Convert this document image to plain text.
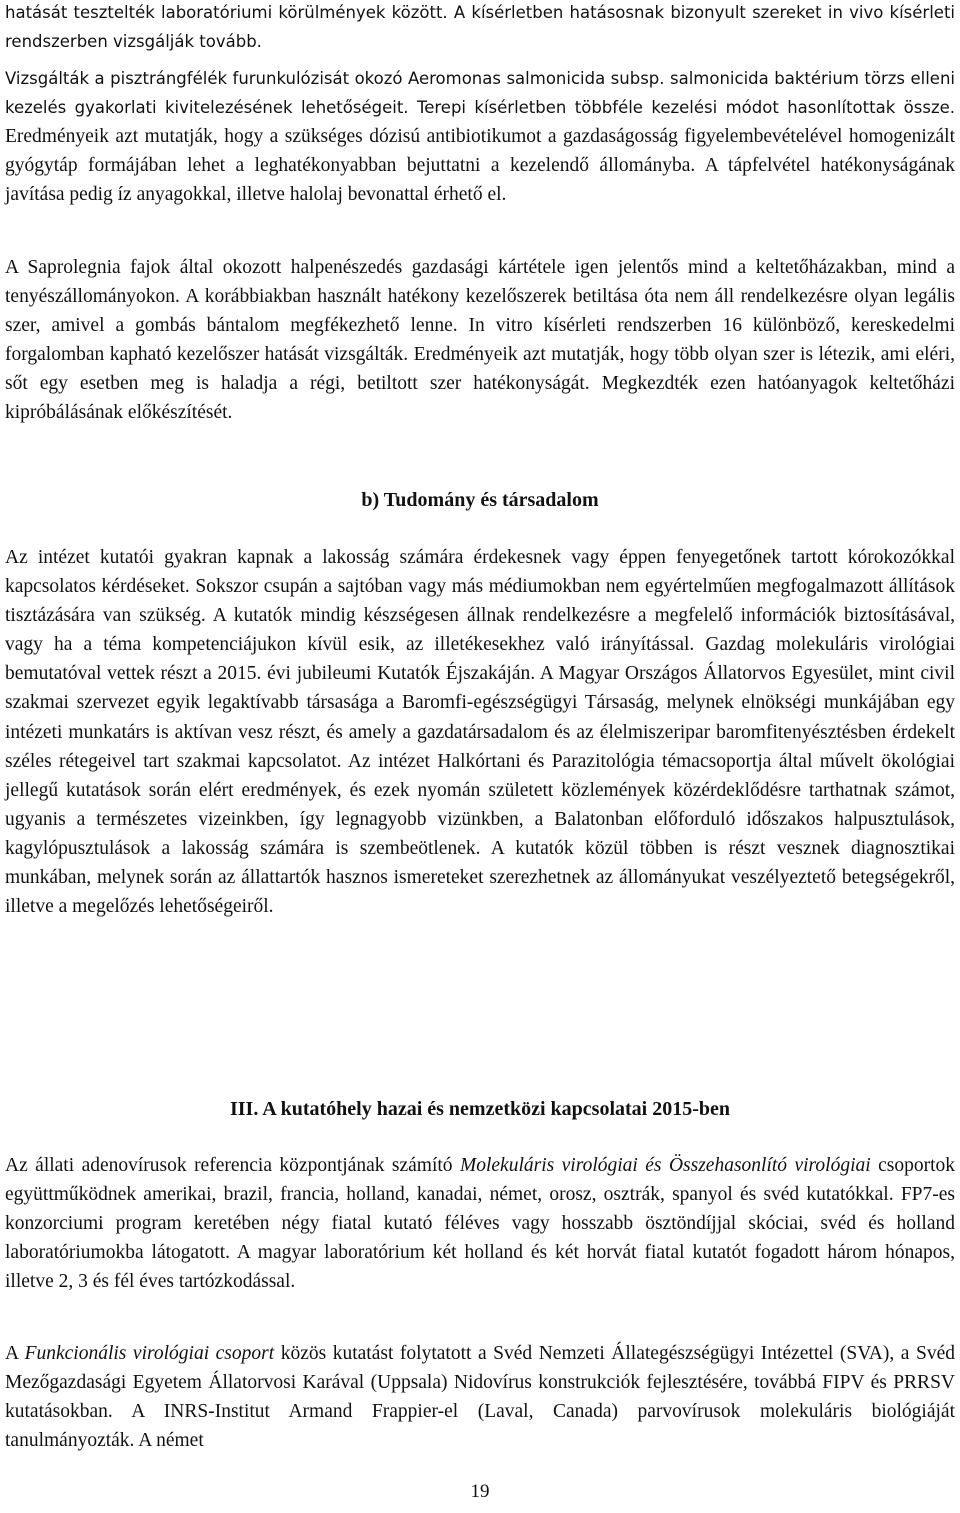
hatását tesztelték laboratóriumi körülmények között. A kísérletben hatásosnak bizonyult szereket in vivo kísérleti rendszerben vizsgálják tovább.

Vizsgálták a pisztrángfélék furunkulózisát okozó Aeromonas salmonicida subsp. salmonicida baktérium törzs elleni kezelés gyakorlati kivitelezésének lehetőségeit. Terepi kísérletben többféle kezelési módot hasonlítottak össze. Eredményeik azt mutatják, hogy a szükséges dózisú antibiotikumot a gazdaságosság figyelembevételével homogenizált gyógytáp formájában lehet a leghatékonyabban bejuttatni a kezelendő állományba. A tápfelvétel hatékonyságának javítása pedig íz anyagokkal, illetve halolaj bevonattal érhető el.

A Saprolegnia fajok által okozott halpenészedés gazdasági kártétele igen jelentős mind a keltetőházakban, mind a tenyészállományokon. A korábbiakban használt hatékony kezelőszerek betiltása óta nem áll rendelkezésre olyan legális szer, amivel a gombás bántalom megfékezhető lenne. In vitro kísérleti rendszerben 16 különböző, kereskedelmi forgalomban kapható kezelőszer hatását vizsgálták. Eredményeik azt mutatják, hogy több olyan szer is létezik, ami eléri, sőt egy esetben meg is haladja a régi, betiltott szer hatékonyságát. Megkezdték ezen hatóanyagok keltetőházi kipróbálásának előkészítését.

b) Tudomány és társadalom

Az intézet kutatói gyakran kapnak a lakosság számára érdekesnek vagy éppen fenyegetőnek tartott kórokozókkal kapcsolatos kérdéseket. Sokszor csupán a sajtóban vagy más médiumokban nem egyértelműen megfogalmazott állítások tisztázására van szükség. A kutatók mindig készségesen állnak rendelkezésre a megfelelő információk biztosításával, vagy ha a téma kompetenciájukon kívül esik, az illetékesekhez való irányítással. Gazdag molekuláris virológiai bemutatóval vettek részt a 2015. évi jubileumi Kutatók Éjszakáján. A Magyar Országos Állatorvos Egyesület, mint civil szakmai szervezet egyik legaktívabb társasága a Baromfi-egészségügyi Társaság, melynek elnökségi munkájában egy intézeti munkatárs is aktívan vesz részt, és amely a gazdatársadalom és az élelmiszeripar baromfitenyésztésben érdekelt széles rétegeivel tart szakmai kapcsolatot. Az intézet Halkórtani és Parazitológia témacsoportja által művelt ökológiai jellegű kutatások során elért eredmények, és ezek nyomán született közlemények közérdeklődésre tarthatnak számot, ugyanis a természetes vizeinkben, így legnagyobb vizünkben, a Balatonban előforduló időszakos halpusztulások, kagylópusztulások a lakosság számára is szembeötlenek. A kutatók közül többen is részt vesznek diagnosztikai munkában, melynek során az állattartók hasznos ismereteket szerezhetnek az állományukat veszélyeztető betegségekről, illetve a megelőzés lehetőségeiről.

III. A kutatóhely hazai és nemzetközi kapcsolatai 2015-ben

Az állati adenovírusok referencia központjának számító Molekuláris virológiai és Összehasonlító virológiai csoportok együttműködnek amerikai, brazil, francia, holland, kanadai, német, orosz, osztrák, spanyol és svéd kutatókkal. FP7-es konzorciumi program keretében négy fiatal kutató féléves vagy hosszabb ösztöndíjjal skóciai, svéd és holland laboratóriumokba látogatott. A magyar laboratórium két holland és két horvát fiatal kutatót fogadott három hónapos, illetve 2, 3 és fél éves tartózkodással.

A Funkcionális virológiai csoport közös kutatást folytatott a Svéd Nemzeti Állategészségügyi Intézettel (SVA), a Svéd Mezőgazdasági Egyetem Állatorvosi Karával (Uppsala) Nidovírus konstrukciók fejlesztésére, továbbá FIPV és PRRSV kutatásokban. A INRS-Institut Armand Frappier-el (Laval, Canada) parvovírusok molekuláris biológiáját tanulmányozták. A német

19
